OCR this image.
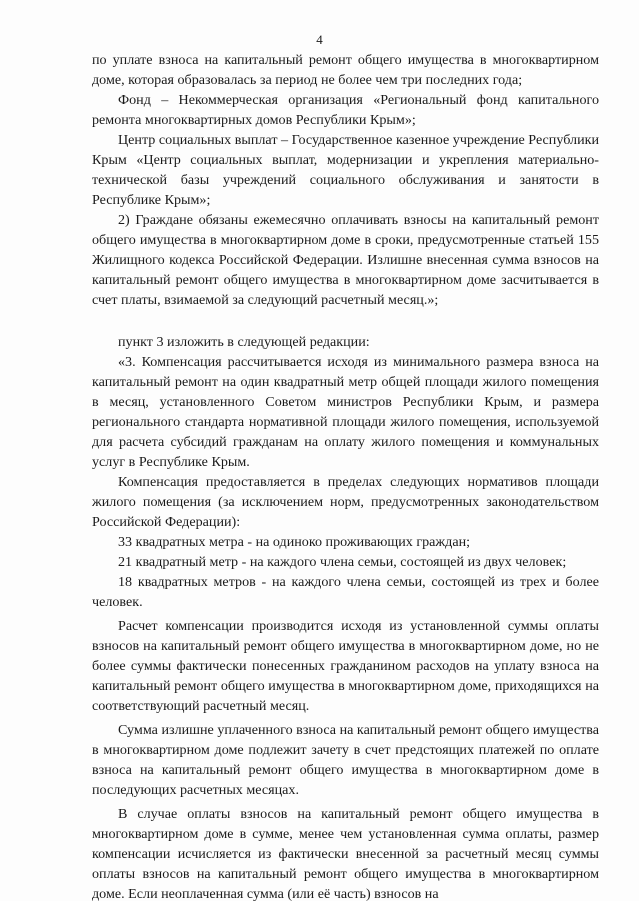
4

по уплате взноса на капитальный ремонт общего имущества в многоквартирном доме, которая образовалась за период не более чем три последних года;

Фонд – Некоммерческая организация «Региональный фонд капитального ремонта многоквартирных домов Республики Крым»;

Центр социальных выплат – Государственное казенное учреждение Республики Крым «Центр социальных выплат, модернизации и укрепления материально-технической базы учреждений социального обслуживания и занятости в Республике Крым»;

2) Граждане обязаны ежемесячно оплачивать взносы на капитальный ремонт общего имущества в многоквартирном доме в сроки, предусмотренные статьей 155 Жилищного кодекса Российской Федерации. Излишне внесенная сумма взносов на капитальный ремонт общего имущества в многоквартирном доме засчитывается в счет платы, взимаемой за следующий расчетный месяц.»;

пункт 3 изложить в следующей редакции:

«3. Компенсация рассчитывается исходя из минимального размера взноса на капитальный ремонт на один квадратный метр общей площади жилого помещения в месяц, установленного Советом министров Республики Крым, и размера регионального стандарта нормативной площади жилого помещения, используемой для расчета субсидий гражданам на оплату жилого помещения и коммунальных услуг в Республике Крым.

Компенсация предоставляется в пределах следующих нормативов площади жилого помещения (за исключением норм, предусмотренных законодательством Российской Федерации):

33 квадратных метра - на одиноко проживающих граждан;

21 квадратный метр - на каждого члена семьи, состоящей из двух человек;

18 квадратных метров - на каждого члена семьи, состоящей из трех и более человек.

Расчет компенсации производится исходя из установленной суммы оплаты взносов на капитальный ремонт общего имущества в многоквартирном доме, но не более суммы фактически понесенных гражданином расходов на уплату взноса на капитальный ремонт общего имущества в многоквартирном доме, приходящихся на соответствующий расчетный месяц.

Сумма излишне уплаченного взноса на капитальный ремонт общего имущества в многоквартирном доме подлежит зачету в счет предстоящих платежей по оплате взноса на капитальный ремонт общего имущества в многоквартирном доме в последующих расчетных месяцах.

В случае оплаты взносов на капитальный ремонт общего имущества в многоквартирном доме в сумме, менее чем установленная сумма оплаты, размер компенсации исчисляется из фактически внесенной за расчетный месяц суммы оплаты взносов на капитальный ремонт общего имущества в многоквартирном доме. Если неоплаченная сумма (или её часть) взносов на
